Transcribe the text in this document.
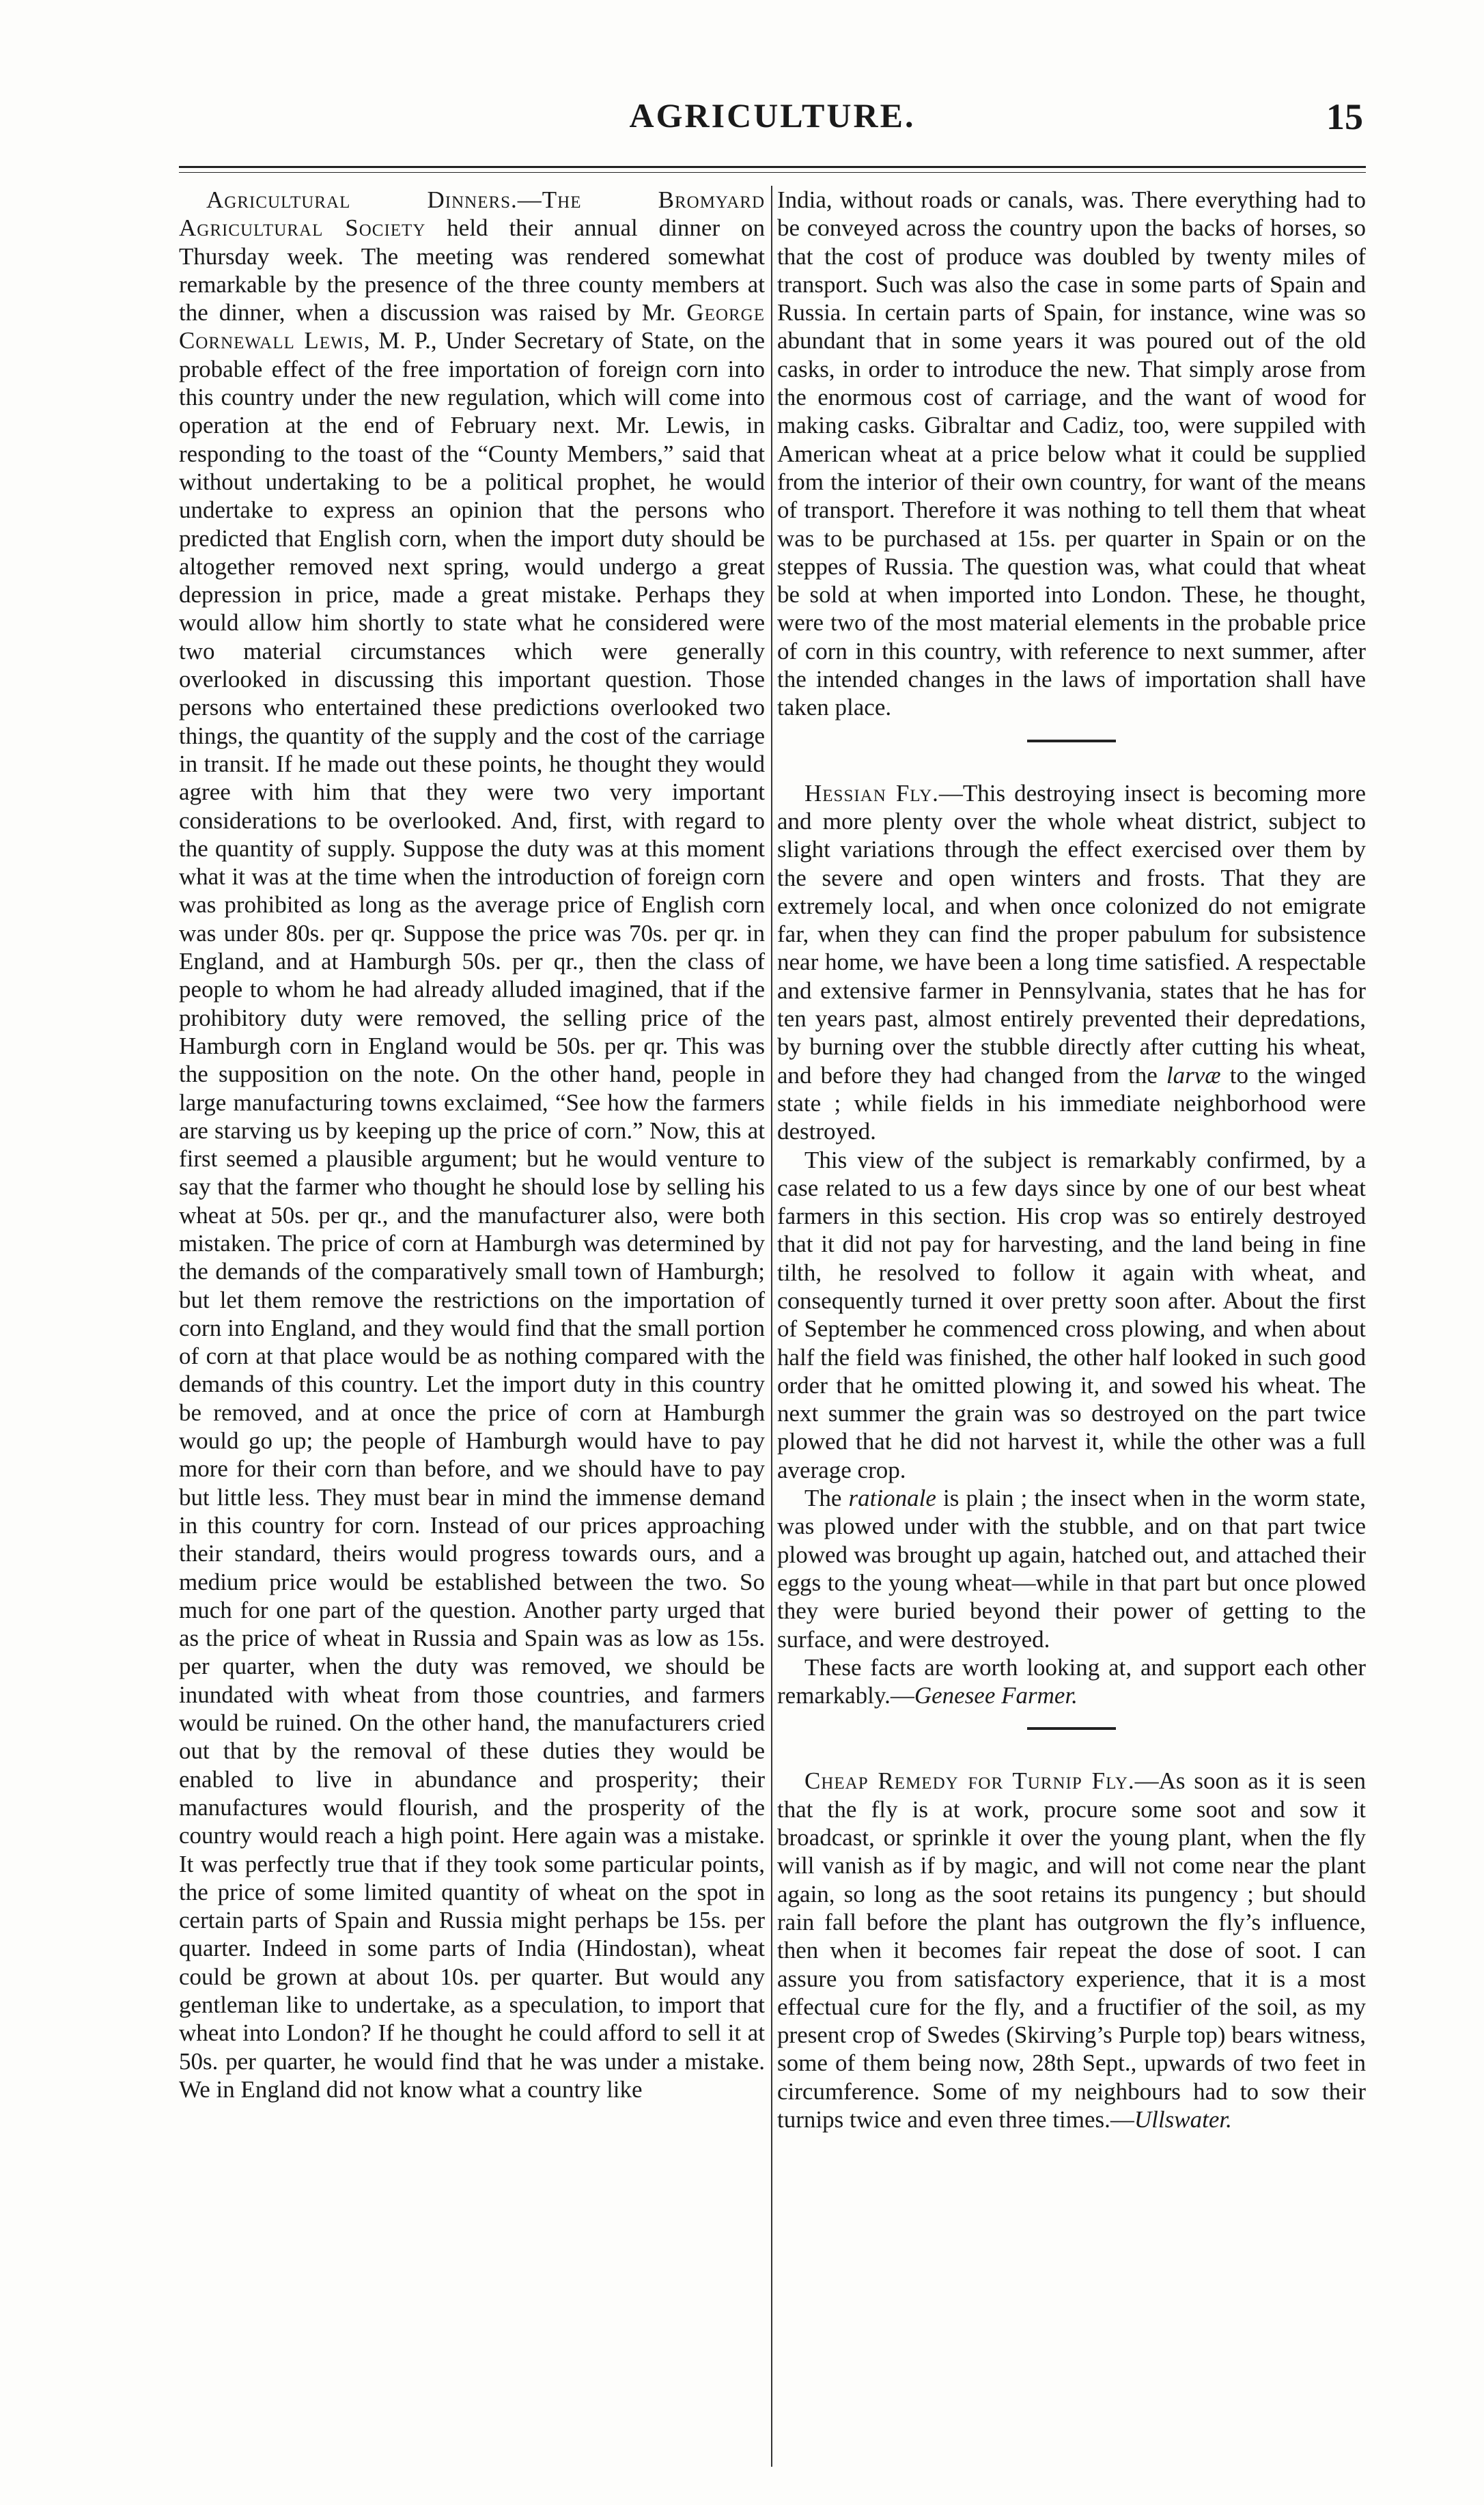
AGRICULTURE.	15

Agricultural Dinners.—The Bromyard Agricultural Society held their annual dinner on Thursday week. The meeting was rendered somewhat remarkable by the presence of the three county members at the dinner, when a discussion was raised by Mr. George Cornewall Lewis, M. P., Under Secretary of State, on the probable effect of the free importation of foreign corn into this country under the new regulation, which will come into operation at the end of February next. Mr. Lewis, in responding to the toast of the “County Members,” said that without undertaking to be a political prophet, he would undertake to express an opinion that the persons who predicted that English corn, when the import duty should be altogether removed next spring, would undergo a great depression in price, made a great mistake. Perhaps they would allow him shortly to state what he considered were two material circumstances which were generally overlooked in discussing this important question. Those persons who entertained these predictions overlooked two things, the quantity of the supply and the cost of the carriage in transit. If he made out these points, he thought they would agree with him that they were two very important considerations to be overlooked. And, first, with regard to the quantity of supply. Suppose the duty was at this moment what it was at the time when the introduction of foreign corn was prohibited as long as the average price of English corn was under 80s. per qr. Suppose the price was 70s. per qr. in England, and at Hamburgh 50s. per qr., then the class of people to whom he had already alluded imagined, that if the prohibitory duty were removed, the selling price of the Hamburgh corn in England would be 50s. per qr. This was the supposition on the note. On the other hand, people in large manufacturing towns exclaimed, “See how the farmers are starving us by keeping up the price of corn.” Now, this at first seemed a plausible argument; but he would venture to say that the farmer who thought he should lose by selling his wheat at 50s. per qr., and the manufacturer also, were both mistaken. The price of corn at Hamburgh was determined by the demands of the comparatively small town of Hamburgh; but let them remove the restrictions on the importation of corn into England, and they would find that the small portion of corn at that place would be as nothing compared with the demands of this country. Let the import duty in this country be removed, and at once the price of corn at Hamburgh would go up; the people of Hamburgh would have to pay more for their corn than before, and we should have to pay but little less. They must bear in mind the immense demand in this country for corn. Instead of our prices approaching their standard, theirs would progress towards ours, and a medium price would be established between the two. So much for one part of the question. Another party urged that as the price of wheat in Russia and Spain was as low as 15s. per quarter, when the duty was removed, we should be inundated with wheat from those countries, and farmers would be ruined. On the other hand, the manufacturers cried out that by the removal of these duties they would be enabled to live in abundance and prosperity; their manufactures would flourish, and the prosperity of the country would reach a high point. Here again was a mistake. It was perfectly true that if they took some particular points, the price of some limited quantity of wheat on the spot in certain parts of Spain and Russia might perhaps be 15s. per quarter. Indeed in some parts of India (Hindostan), wheat could be grown at about 10s. per quarter. But would any gentleman like to undertake, as a speculation, to import that wheat into London? If he thought he could afford to sell it at 50s. per quarter, he would find that he was under a mistake. We in England did not know what a country like

India, without roads or canals, was. There everything had to be conveyed across the country upon the backs of horses, so that the cost of produce was doubled by twenty miles of transport. Such was also the case in some parts of Spain and Russia. In certain parts of Spain, for instance, wine was so abundant that in some years it was poured out of the old casks, in order to introduce the new. That simply arose from the enormous cost of carriage, and the want of wood for making casks. Gibraltar and Cadiz, too, were suppiled with American wheat at a price below what it could be supplied from the interior of their own country, for want of the means of transport. Therefore it was nothing to tell them that wheat was to be purchased at 15s. per quarter in Spain or on the steppes of Russia. The question was, what could that wheat be sold at when imported into London. These, he thought, were two of the most material elements in the probable price of corn in this country, with reference to next summer, after the intended changes in the laws of importation shall have taken place.

Hessian Fly.—This destroying insect is becoming more and more plenty over the whole wheat district, subject to slight variations through the effect exercised over them by the severe and open winters and frosts. That they are extremely local, and when once colonized do not emigrate far, when they can find the proper pabulum for subsistence near home, we have been a long time satisfied. A respectable and extensive farmer in Pennsylvania, states that he has for ten years past, almost entirely prevented their depredations, by burning over the stubble directly after cutting his wheat, and before they had changed from the larvæ to the winged state ; while fields in his immediate neighborhood were destroyed.

This view of the subject is remarkably confirmed, by a case related to us a few days since by one of our best wheat farmers in this section. His crop was so entirely destroyed that it did not pay for harvesting, and the land being in fine tilth, he resolved to follow it again with wheat, and consequently turned it over pretty soon after. About the first of September he commenced cross plowing, and when about half the field was finished, the other half looked in such good order that he omitted plowing it, and sowed his wheat. The next summer the grain was so destroyed on the part twice plowed that he did not harvest it, while the other was a full average crop.

The rationale is plain ; the insect when in the worm state, was plowed under with the stubble, and on that part twice plowed was brought up again, hatched out, and attached their eggs to the young wheat—while in that part but once plowed they were buried beyond their power of getting to the surface, and were destroyed.

These facts are worth looking at, and support each other remarkably.—Genesee Farmer.

Cheap Remedy for Turnip Fly.—As soon as it is seen that the fly is at work, procure some soot and sow it broadcast, or sprinkle it over the young plant, when the fly will vanish as if by magic, and will not come near the plant again, so long as the soot retains its pungency ; but should rain fall before the plant has outgrown the fly’s influence, then when it becomes fair repeat the dose of soot. I can assure you from satisfactory experience, that it is a most effectual cure for the fly, and a fructifier of the soil, as my present crop of Swedes (Skirving’s Purple top) bears witness, some of them being now, 28th Sept., upwards of two feet in circumference. Some of my neighbours had to sow their turnips twice and even three times.—Ullswater.
